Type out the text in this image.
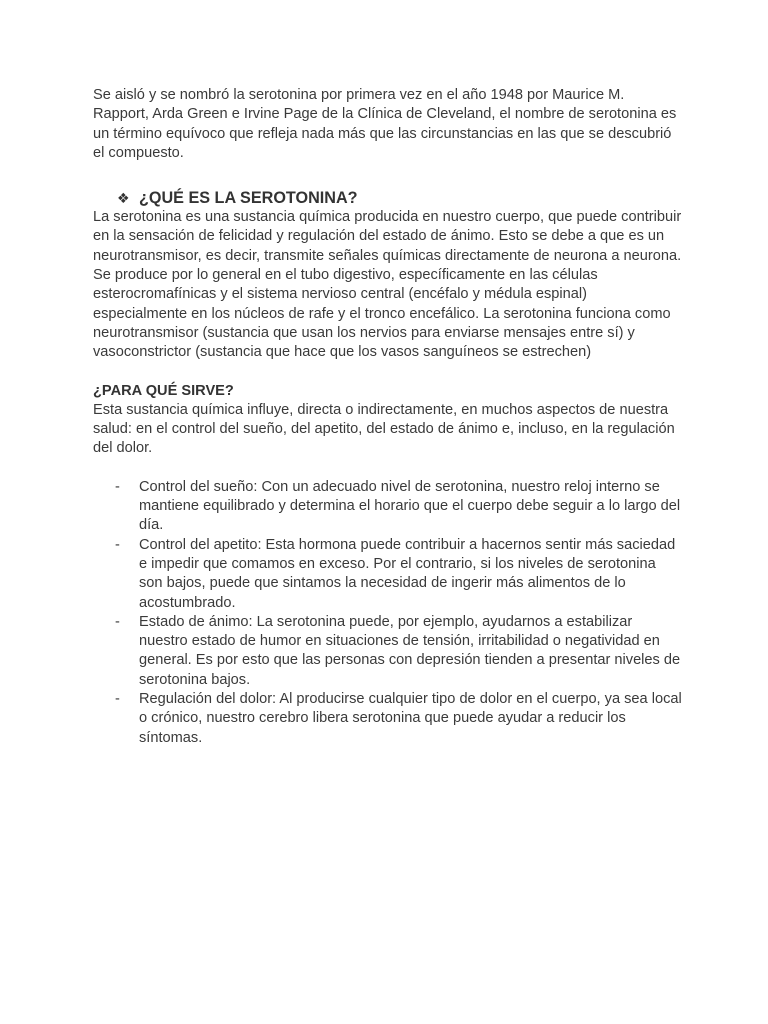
Se aisló y se nombró la serotonina por primera vez en el año 1948 por Maurice M. Rapport, Arda Green e Irvine Page de la Clínica de Cleveland, el nombre de serotonina es un término equívoco que refleja nada más que las circunstancias en las que se descubrió el compuesto.

❖ ¿QUÉ ES LA SEROTONINA?

La serotonina es una sustancia química producida en nuestro cuerpo, que puede contribuir en la sensación de felicidad y regulación del estado de ánimo. Esto se debe a que es un neurotransmisor, es decir, transmite señales químicas directamente de neurona a neurona.

Se produce por lo general en el tubo digestivo, específicamente en las células esterocromafínicas y el sistema nervioso central (encéfalo y médula espinal) especialmente en los núcleos de rafe y el tronco encefálico. La serotonina funciona como neurotransmisor (sustancia que usan los nervios para enviarse mensajes entre sí) y vasoconstrictor (sustancia que hace que los vasos sanguíneos se estrechen)

¿PARA QUÉ SIRVE?

Esta sustancia química influye, directa o indirectamente, en muchos aspectos de nuestra salud: en el control del sueño, del apetito, del estado de ánimo e, incluso, en la regulación del dolor.

- Control del sueño: Con un adecuado nivel de serotonina, nuestro reloj interno se mantiene equilibrado y determina el horario que el cuerpo debe seguir a lo largo del día.
- Control del apetito: Esta hormona puede contribuir a hacernos sentir más saciedad e impedir que comamos en exceso. Por el contrario, si los niveles de serotonina son bajos, puede que sintamos la necesidad de ingerir más alimentos de lo acostumbrado.
- Estado de ánimo: La serotonina puede, por ejemplo, ayudarnos a estabilizar nuestro estado de humor en situaciones de tensión, irritabilidad o negatividad en general. Es por esto que las personas con depresión tienden a presentar niveles de serotonina bajos.
- Regulación del dolor: Al producirse cualquier tipo de dolor en el cuerpo, ya sea local o crónico, nuestro cerebro libera serotonina que puede ayudar a reducir los síntomas.
